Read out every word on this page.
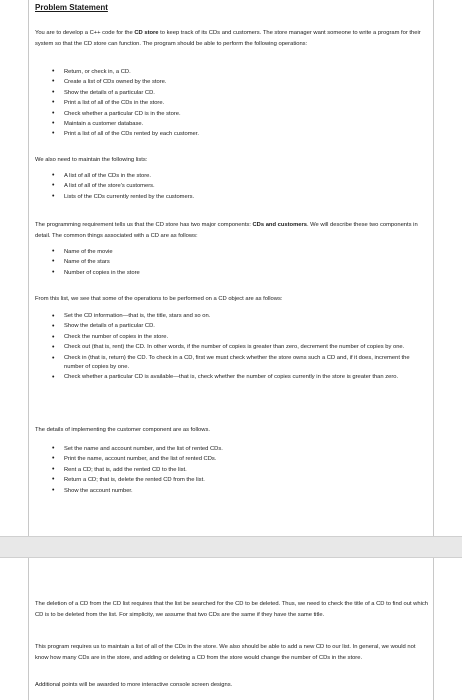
Problem Statement

You are to develop a C++ code for the CD store to keep track of its CDs and customers. The store manager want someone to write a program for their system so that the CD store can function. The program should be able to perform the following operations:

• Return, or check in, a CD.
• Create a list of CDs owned by the store.
• Show the details of a particular CD.
• Print a list of all of the CDs in the store.
• Check whether a particular CD is in the store.
• Maintain a customer database.
• Print a list of all of the CDs rented by each customer.

We also need to maintain the following lists:

• A list of all of the CDs in the store.
• A list of all of the store's customers.
• Lists of the CDs currently rented by the customers.

The programming requirement tells us that the CD store has two major components: CDs and customers. We will describe these two components in detail. The common things associated with a CD are as follows:

• Name of the movie
• Name of the stars
• Number of copies in the store

From this list, we see that some of the operations to be performed on a CD object are as follows:

• Set the CD information—that is, the title, stars and so on.
• Show the details of a particular CD.
• Check the number of copies in the store.
• Check out (that is, rent) the CD. In other words, if the number of copies is greater than zero, decrement the number of copies by one.
• Check in (that is, return) the CD. To check in a CD, first we must check whether the store owns such a CD and, if it does, increment the number of copies by one.
• Check whether a particular CD is available—that is, check whether the number of copies currently in the store is greater than zero.

The details of implementing the customer component are as follows.

• Set the name and account number, and the list of rented CDs.
• Print the name, account number, and the list of rented CDs.
• Rent a CD; that is, add the rented CD to the list.
• Return a CD; that is, delete the rented CD from the list.
• Show the account number.

The deletion of a CD from the CD list requires that the list be searched for the CD to be deleted. Thus, we need to check the title of a CD to find out which CD is to be deleted from the list. For simplicity, we assume that two CDs are the same if they have the same title.

This program requires us to maintain a list of all of the CDs in the store. We also should be able to add a new CD to our list. In general, we would not know how many CDs are in the store, and adding or deleting a CD from the store would change the number of CDs in the store.

Additional points will be awarded to more interactive console screen designs.
